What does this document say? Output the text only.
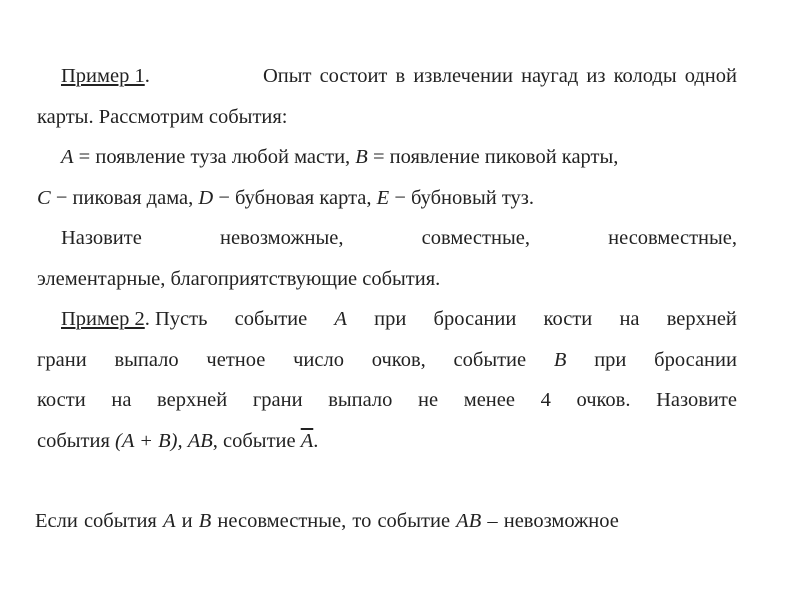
Пример 1.	Опыт состоит в извлечении наугад из колоды одной
карты. Рассмотрим события:
A = появление туза любой масти, B = появление пиковой карты,
C − пиковая дама, D − бубновая карта, E − бубновый туз.
Назовите	невозможные,	совместные,	несовместные,
элементарные, благоприятствующие события.
Пример 2. Пусть событие A при бросании кости на верхней
грани выпало четное число очков, событие B при бросании
кости на верхней грани выпало не менее 4 очков. Назовите
события (A + B), AB, событие $\overline{A}$.
Если события A и B несовместные, то событие AB – невозможное
